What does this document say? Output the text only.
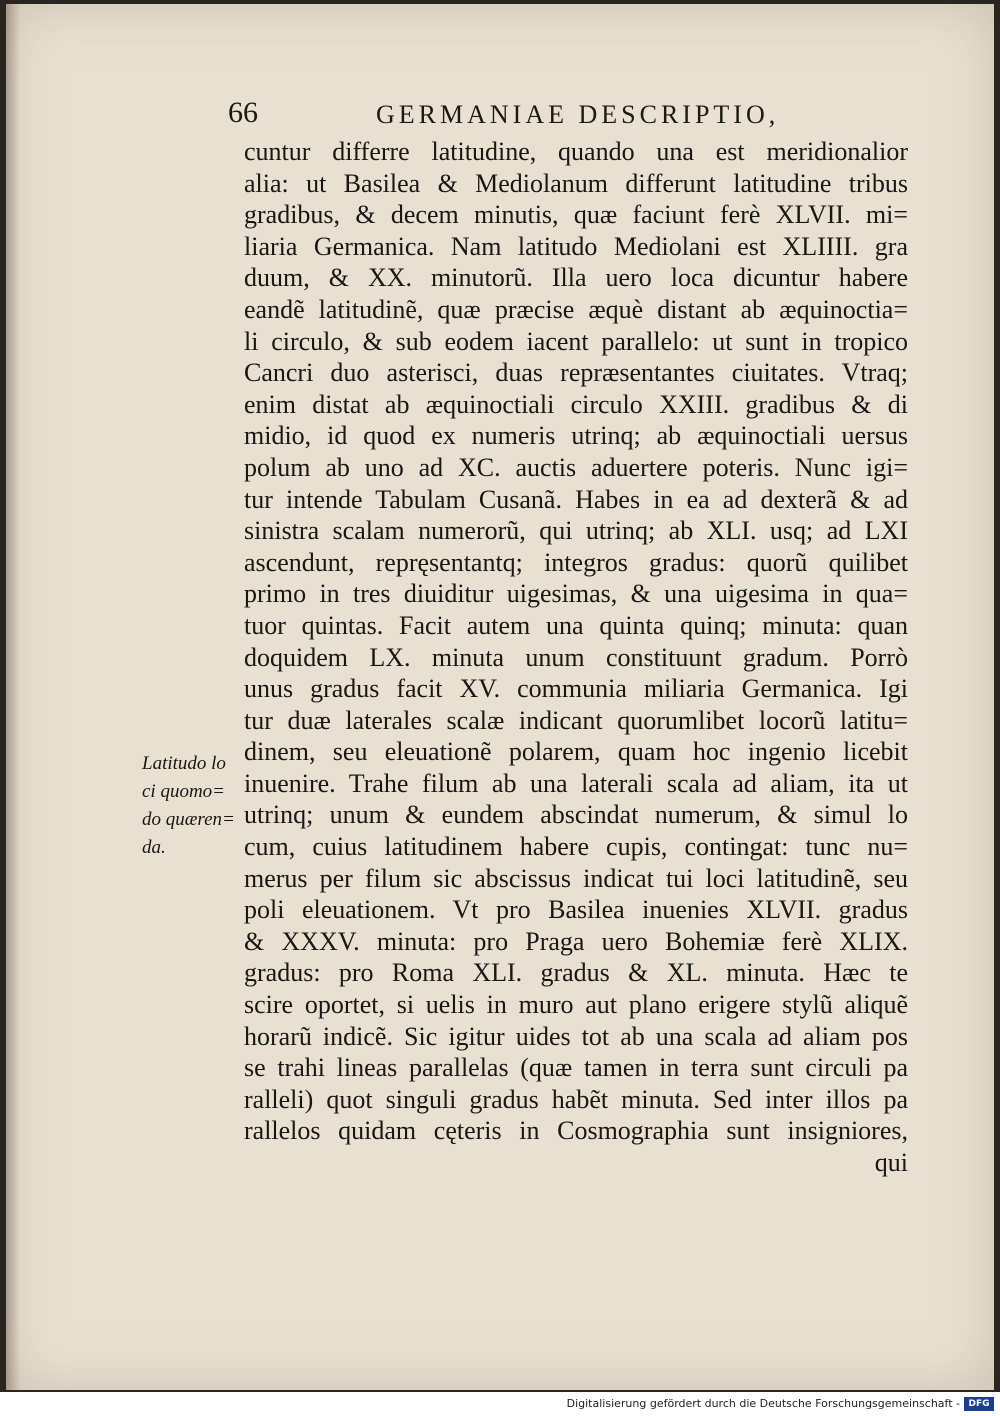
66	GERMANIAE DESCRIPTIO,
Latitudo lo
ci quomo=
do quæren=
da.
cuntur differre latitudine, quando una est meridionalior
alia: ut Basilea & Mediolanum differunt latitudine tribus
gradibus, & decem minutis, quæ faciunt ferè XLVII. mi=
liaria Germanica. Nam latitudo Mediolani est XLIIII. gra
duum, & XX. minutorũ. Illa uero loca dicuntur habere
eandẽ latitudinẽ, quæ præcise æquè distant ab æquinoctia=
li circulo, & sub eodem iacent parallelo: ut sunt in tropico
Cancri duo asterisci, duas repræsentantes ciuitates. Vtraq;
enim distat ab æquinoctiali circulo XXIII. gradibus & di
midio, id quod ex numeris utrinq; ab æquinoctiali uersus
polum ab uno ad XC. auctis aduertere poteris. Nunc igi=
tur intende Tabulam Cusanã. Habes in ea ad dexterã & ad
sinistra scalam numerorũ, qui utrinq; ab XLI. usq; ad LXI
ascendunt, repręsentantq; integros gradus: quorũ quilibet
primo in tres diuiditur uigesimas, & una uigesima in qua=
tuor quintas. Facit autem una quinta quinq; minuta: quan
doquidem LX. minuta unum constituunt gradum. Porrò
unus gradus facit XV. communia miliaria Germanica. Igi
tur duæ laterales scalæ indicant quorumlibet locorũ latitu=
dinem, seu eleuationẽ polarem, quam hoc ingenio licebit
inuenire. Trahe filum ab una laterali scala ad aliam, ita ut
utrinq; unum & eundem abscindat numerum, & simul lo
cum, cuius latitudinem habere cupis, contingat: tunc nu=
merus per filum sic abscissus indicat tui loci latitudinẽ, seu
poli eleuationem. Vt pro Basilea inuenies XLVII. gradus
& XXXV. minuta: pro Praga uero Bohemiæ ferè XLIX.
gradus: pro Roma XLI. gradus & XL. minuta. Hæc te
scire oportet, si uelis in muro aut plano erigere stylũ aliquẽ
horarũ indicẽ. Sic igitur uides tot ab una scala ad aliam pos
se trahi lineas parallelas (quæ tamen in terra sunt circuli pa
ralleli) quot singuli gradus habẽt minuta. Sed inter illos pa
rallelos quidam cęteris in Cosmographia sunt insigniores,
qui
Digitalisierung gefördert durch die Deutsche Forschungsgemeinschaft - DFG
